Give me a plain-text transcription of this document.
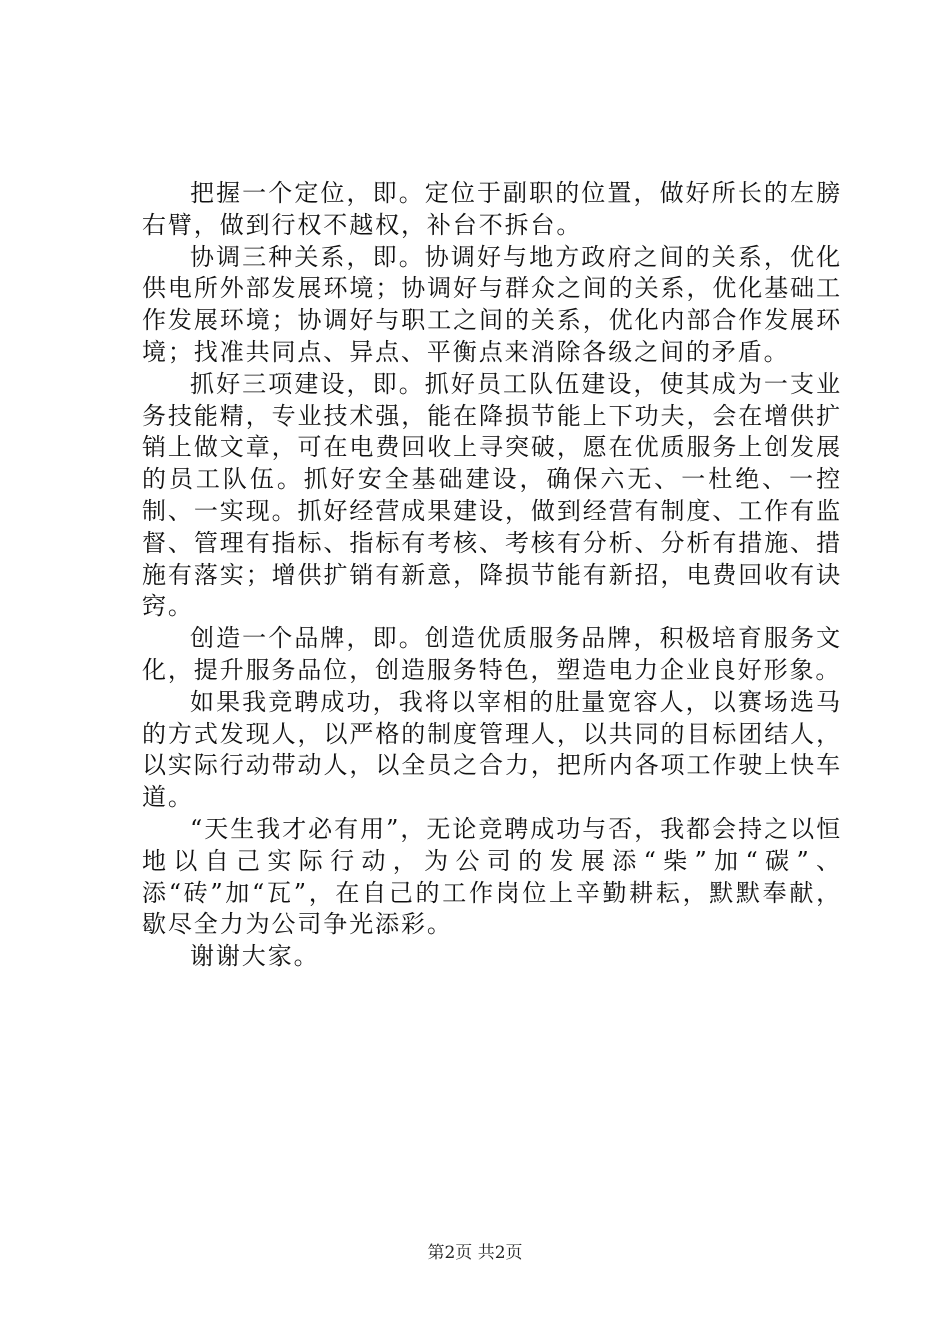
把握一个定位，即。定位于副职的位置，做好所长的左膀右臂，做到行权不越权，补台不拆台。

协调三种关系，即。协调好与地方政府之间的关系，优化供电所外部发展环境；协调好与群众之间的关系，优化基础工作发展环境；协调好与职工之间的关系，优化内部合作发展环境；找准共同点、异点、平衡点来消除各级之间的矛盾。

抓好三项建设，即。抓好员工队伍建设，使其成为一支业务技能精，专业技术强，能在降损节能上下功夫，会在增供扩销上做文章，可在电费回收上寻突破，愿在优质服务上创发展的员工队伍。抓好安全基础建设，确保六无、一杜绝、一控制、一实现。抓好经营成果建设，做到经营有制度、工作有监督、管理有指标、指标有考核、考核有分析、分析有措施、措施有落实；增供扩销有新意，降损节能有新招，电费回收有诀窍。

创造一个品牌，即。创造优质服务品牌，积极培育服务文化，提升服务品位，创造服务特色，塑造电力企业良好形象。

如果我竞聘成功，我将以宰相的肚量宽容人，以赛场选马的方式发现人，以严格的制度管理人，以共同的目标团结人，以实际行动带动人，以全员之合力，把所内各项工作驶上快车道。

“天生我才必有用”，无论竞聘成功与否，我都会持之以恒地以自己实际行动，为公司的发展添“柴”加“碳”、添“砖”加“瓦”，在自己的工作岗位上辛勤耕耘，默默奉献，歇尽全力为公司争光添彩。

谢谢大家。

第2页 共2页
